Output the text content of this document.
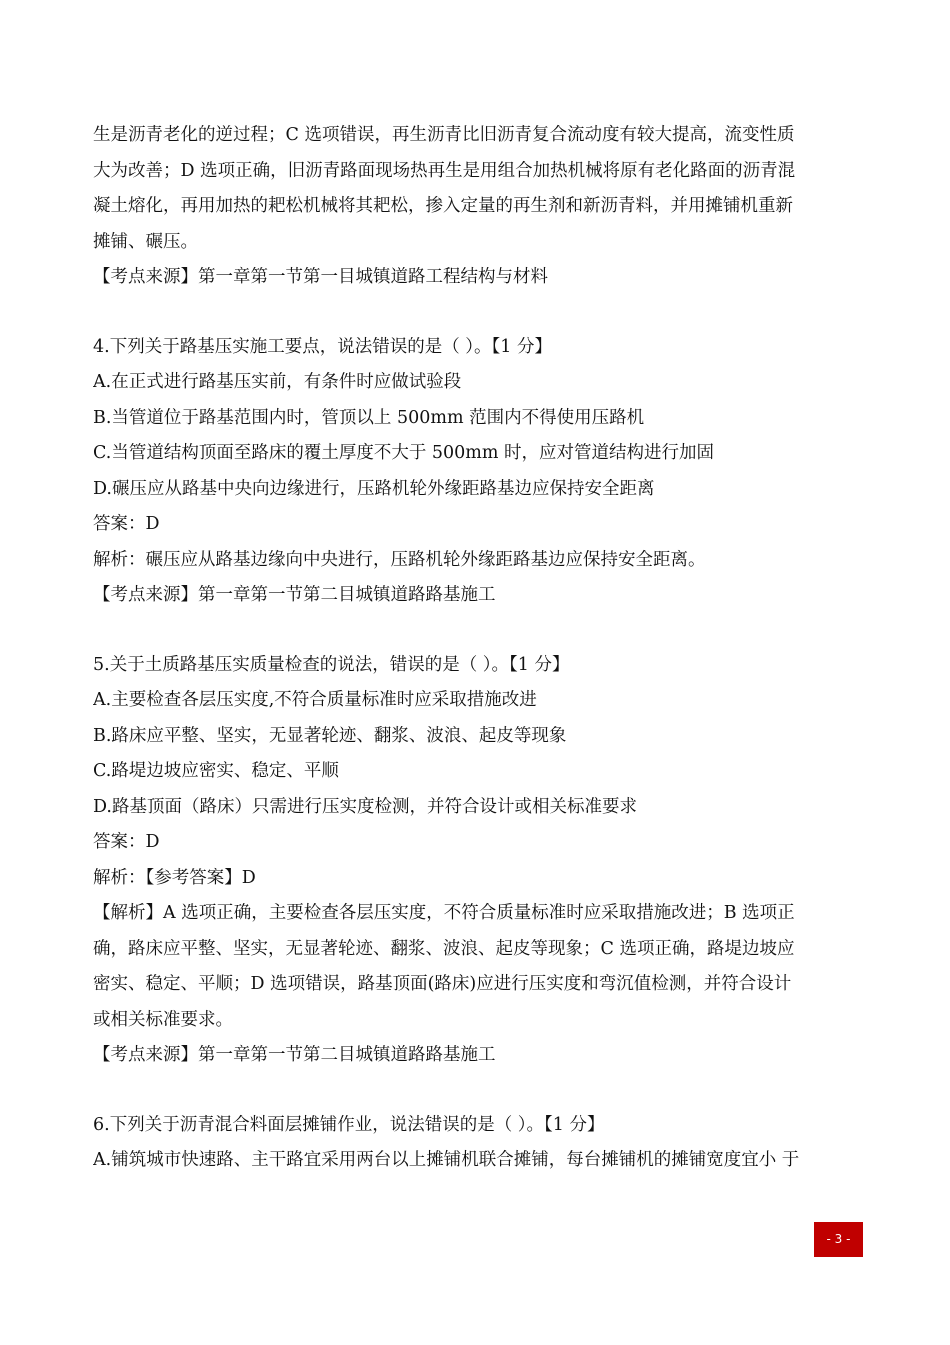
生是沥青老化的逆过程；C 选项错误，再生沥青比旧沥青复合流动度有较大提高，流变性质
大为改善；D 选项正确，旧沥青路面现场热再生是用组合加热机械将原有老化路面的沥青混
凝土熔化，再用加热的耙松机械将其耙松，掺入定量的再生剂和新沥青料，并用摊铺机重新
摊铺、碾压。
【考点来源】第一章第一节第一目城镇道路工程结构与材料
4.下列关于路基压实施工要点，说法错误的是（ ）。【1 分】
A.在正式进行路基压实前，有条件时应做试验段
B.当管道位于路基范围内时，管顶以上 500mm 范围内不得使用压路机
C.当管道结构顶面至路床的覆土厚度不大于 500mm 时，应对管道结构进行加固
D.碾压应从路基中央向边缘进行，压路机轮外缘距路基边应保持安全距离
答案：D
解析：碾压应从路基边缘向中央进行，压路机轮外缘距路基边应保持安全距离。
【考点来源】第一章第一节第二目城镇道路路基施工
5.关于土质路基压实质量检查的说法，错误的是（ ）。【1 分】
A.主要检查各层压实度,不符合质量标准时应采取措施改进
B.路床应平整、坚实，无显著轮迹、翻浆、波浪、起皮等现象
C.路堤边坡应密实、稳定、平顺
D.路基顶面（路床）只需进行压实度检测，并符合设计或相关标准要求
答案：D
解析：【参考答案】D
【解析】A 选项正确，主要检查各层压实度，不符合质量标准时应采取措施改进；B 选项正
确，路床应平整、坚实，无显著轮迹、翻浆、波浪、起皮等现象；C 选项正确，路堤边坡应
密实、稳定、平顺；D 选项错误，路基顶面(路床)应进行压实度和弯沉值检测，并符合设计
或相关标准要求。
【考点来源】第一章第一节第二目城镇道路路基施工
6.下列关于沥青混合料面层摊铺作业，说法错误的是（ ）。【1 分】
A.铺筑城市快速路、主干路宜采用两台以上摊铺机联合摊铺，每台摊铺机的摊铺宽度宜小 于
- 3 -
